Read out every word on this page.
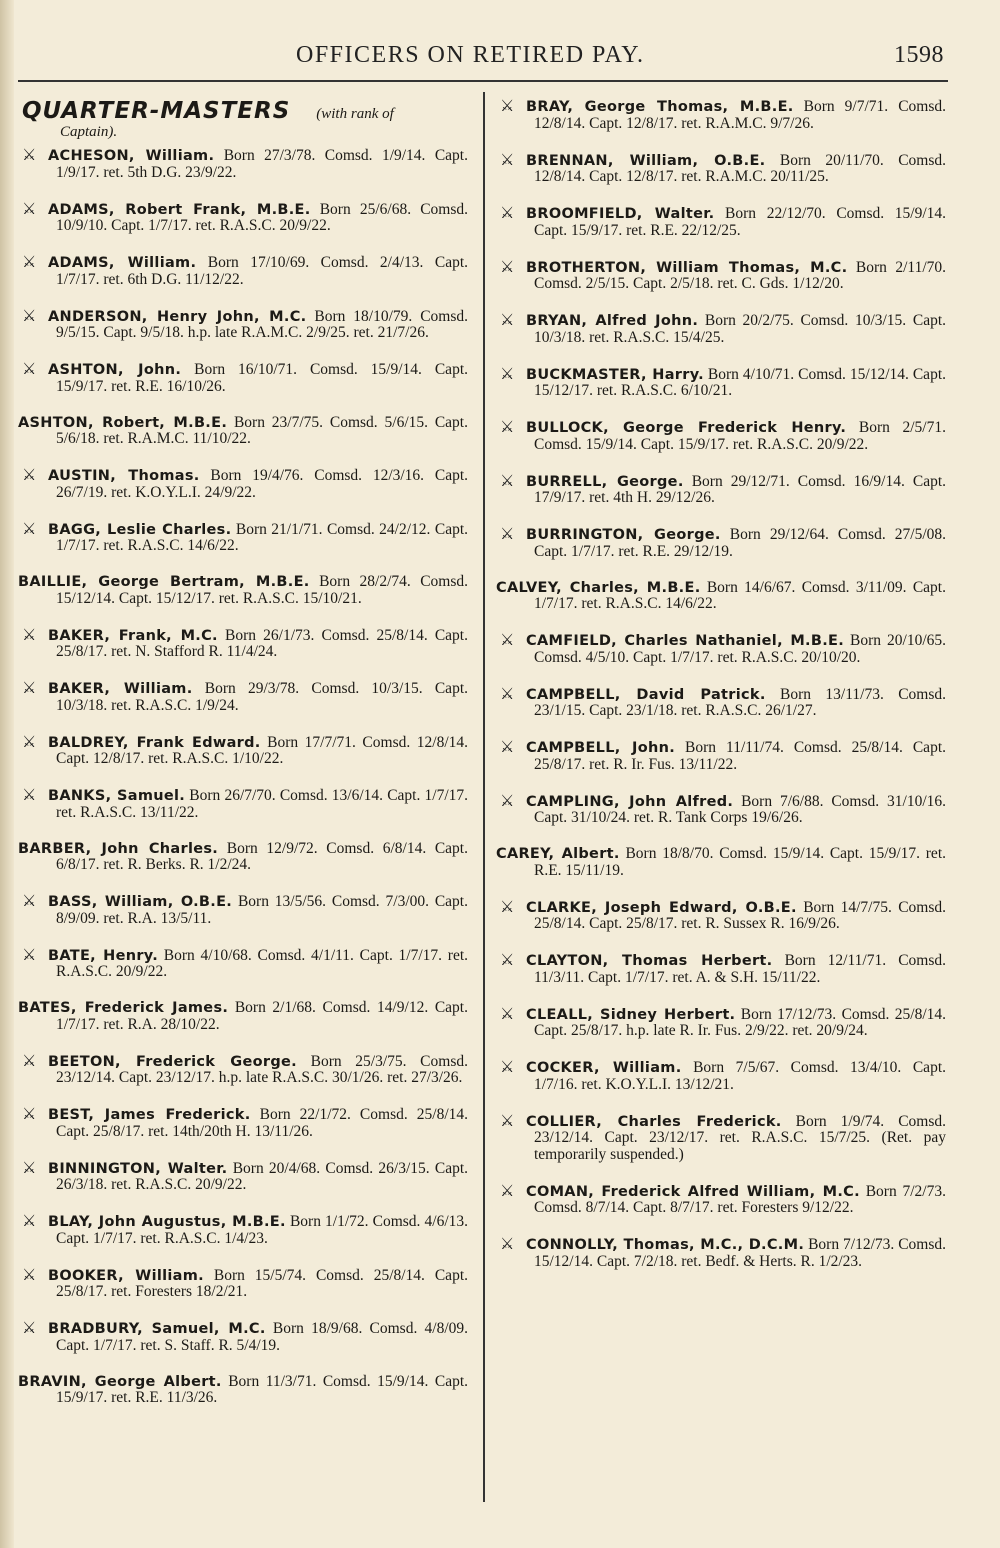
OFFICERS ON RETIRED PAY.	1598
QUARTER-MASTERS (with rank of
Captain).
⚔ ACHESON, William. Born 27/3/78. Comsd. 1/9/14. Capt. 1/9/17. ret. 5th D.G. 23/9/22.
⚔ ADAMS, Robert Frank, M.B.E. Born 25/6/68. Comsd. 10/9/10. Capt. 1/7/17. ret. R.A.S.C. 20/9/22.
⚔ ADAMS, William. Born 17/10/69. Comsd. 2/4/13. Capt. 1/7/17. ret. 6th D.G. 11/12/22.
⚔ ANDERSON, Henry John, M.C. Born 18/10/79. Comsd. 9/5/15. Capt. 9/5/18. h.p. late R.A.M.C. 2/9/25. ret. 21/7/26.
⚔ ASHTON, John. Born 16/10/71. Comsd. 15/9/14. Capt. 15/9/17. ret. R.E. 16/10/26.
ASHTON, Robert, M.B.E. Born 23/7/75. Comsd. 5/6/15. Capt. 5/6/18. ret. R.A.M.C. 11/10/22.
⚔ AUSTIN, Thomas. Born 19/4/76. Comsd. 12/3/16. Capt. 26/7/19. ret. K.O.Y.L.I. 24/9/22.
⚔ BAGG, Leslie Charles. Born 21/1/71. Comsd. 24/2/12. Capt. 1/7/17. ret. R.A.S.C. 14/6/22.
BAILLIE, George Bertram, M.B.E. Born 28/2/74. Comsd. 15/12/14. Capt. 15/12/17. ret. R.A.S.C. 15/10/21.
⚔ BAKER, Frank, M.C. Born 26/1/73. Comsd. 25/8/14. Capt. 25/8/17. ret. N. Stafford R. 11/4/24.
⚔ BAKER, William. Born 29/3/78. Comsd. 10/3/15. Capt. 10/3/18. ret. R.A.S.C. 1/9/24.
⚔ BALDREY, Frank Edward. Born 17/7/71. Comsd. 12/8/14. Capt. 12/8/17. ret. R.A.S.C. 1/10/22.
⚔ BANKS, Samuel. Born 26/7/70. Comsd. 13/6/14. Capt. 1/7/17. ret. R.A.S.C. 13/11/22.
BARBER, John Charles. Born 12/9/72. Comsd. 6/8/14. Capt. 6/8/17. ret. R. Berks. R. 1/2/24.
⚔ BASS, William, O.B.E. Born 13/5/56. Comsd. 7/3/00. Capt. 8/9/09. ret. R.A. 13/5/11.
⚔ BATE, Henry. Born 4/10/68. Comsd. 4/1/11. Capt. 1/7/17. ret. R.A.S.C. 20/9/22.
BATES, Frederick James. Born 2/1/68. Comsd. 14/9/12. Capt. 1/7/17. ret. R.A. 28/10/22.
⚔ BEETON, Frederick George. Born 25/3/75. Comsd. 23/12/14. Capt. 23/12/17. h.p. late R.A.S.C. 30/1/26. ret. 27/3/26.
⚔ BEST, James Frederick. Born 22/1/72. Comsd. 25/8/14. Capt. 25/8/17. ret. 14th/20th H. 13/11/26.
⚔ BINNINGTON, Walter. Born 20/4/68. Comsd. 26/3/15. Capt. 26/3/18. ret. R.A.S.C. 20/9/22.
⚔ BLAY, John Augustus, M.B.E. Born 1/1/72. Comsd. 4/6/13. Capt. 1/7/17. ret. R.A.S.C. 1/4/23.
⚔ BOOKER, William. Born 15/5/74. Comsd. 25/8/14. Capt. 25/8/17. ret. Foresters 18/2/21.
⚔ BRADBURY, Samuel, M.C. Born 18/9/68. Comsd. 4/8/09. Capt. 1/7/17. ret. S. Staff. R. 5/4/19.
BRAVIN, George Albert. Born 11/3/71. Comsd. 15/9/14. Capt. 15/9/17. ret. R.E. 11/3/26.
⚔ BRAY, George Thomas, M.B.E. Born 9/7/71. Comsd. 12/8/14. Capt. 12/8/17. ret. R.A.M.C. 9/7/26.
⚔ BRENNAN, William, O.B.E. Born 20/11/70. Comsd. 12/8/14. Capt. 12/8/17. ret. R.A.M.C. 20/11/25.
⚔ BROOMFIELD, Walter. Born 22/12/70. Comsd. 15/9/14. Capt. 15/9/17. ret. R.E. 22/12/25.
⚔ BROTHERTON, William Thomas, M.C. Born 2/11/70. Comsd. 2/5/15. Capt. 2/5/18. ret. C. Gds. 1/12/20.
⚔ BRYAN, Alfred John. Born 20/2/75. Comsd. 10/3/15. Capt. 10/3/18. ret. R.A.S.C. 15/4/25.
⚔ BUCKMASTER, Harry. Born 4/10/71. Comsd. 15/12/14. Capt. 15/12/17. ret. R.A.S.C. 6/10/21.
⚔ BULLOCK, George Frederick Henry. Born 2/5/71. Comsd. 15/9/14. Capt. 15/9/17. ret. R.A.S.C. 20/9/22.
⚔ BURRELL, George. Born 29/12/71. Comsd. 16/9/14. Capt. 17/9/17. ret. 4th H. 29/12/26.
⚔ BURRINGTON, George. Born 29/12/64. Comsd. 27/5/08. Capt. 1/7/17. ret. R.E. 29/12/19.
CALVEY, Charles, M.B.E. Born 14/6/67. Comsd. 3/11/09. Capt. 1/7/17. ret. R.A.S.C. 14/6/22.
⚔ CAMFIELD, Charles Nathaniel, M.B.E. Born 20/10/65. Comsd. 4/5/10. Capt. 1/7/17. ret. R.A.S.C. 20/10/20.
⚔ CAMPBELL, David Patrick. Born 13/11/73. Comsd. 23/1/15. Capt. 23/1/18. ret. R.A.S.C. 26/1/27.
⚔ CAMPBELL, John. Born 11/11/74. Comsd. 25/8/14. Capt. 25/8/17. ret. R. Ir. Fus. 13/11/22.
⚔ CAMPLING, John Alfred. Born 7/6/88. Comsd. 31/10/16. Capt. 31/10/24. ret. R. Tank Corps 19/6/26.
CAREY, Albert. Born 18/8/70. Comsd. 15/9/14. Capt. 15/9/17. ret. R.E. 15/11/19.
⚔ CLARKE, Joseph Edward, O.B.E. Born 14/7/75. Comsd. 25/8/14. Capt. 25/8/17. ret. R. Sussex R. 16/9/26.
⚔ CLAYTON, Thomas Herbert. Born 12/11/71. Comsd. 11/3/11. Capt. 1/7/17. ret. A. & S.H. 15/11/22.
⚔ CLEALL, Sidney Herbert. Born 17/12/73. Comsd. 25/8/14. Capt. 25/8/17. h.p. late R. Ir. Fus. 2/9/22. ret. 20/9/24.
⚔ COCKER, William. Born 7/5/67. Comsd. 13/4/10. Capt. 1/7/16. ret. K.O.Y.L.I. 13/12/21.
⚔ COLLIER, Charles Frederick. Born 1/9/74. Comsd. 23/12/14. Capt. 23/12/17. ret. R.A.S.C. 15/7/25. (Ret. pay temporarily suspended.)
⚔ COMAN, Frederick Alfred William, M.C. Born 7/2/73. Comsd. 8/7/14. Capt. 8/7/17. ret. Foresters 9/12/22.
⚔ CONNOLLY, Thomas, M.C., D.C.M. Born 7/12/73. Comsd. 15/12/14. Capt. 7/2/18. ret. Bedf. & Herts. R. 1/2/23.
